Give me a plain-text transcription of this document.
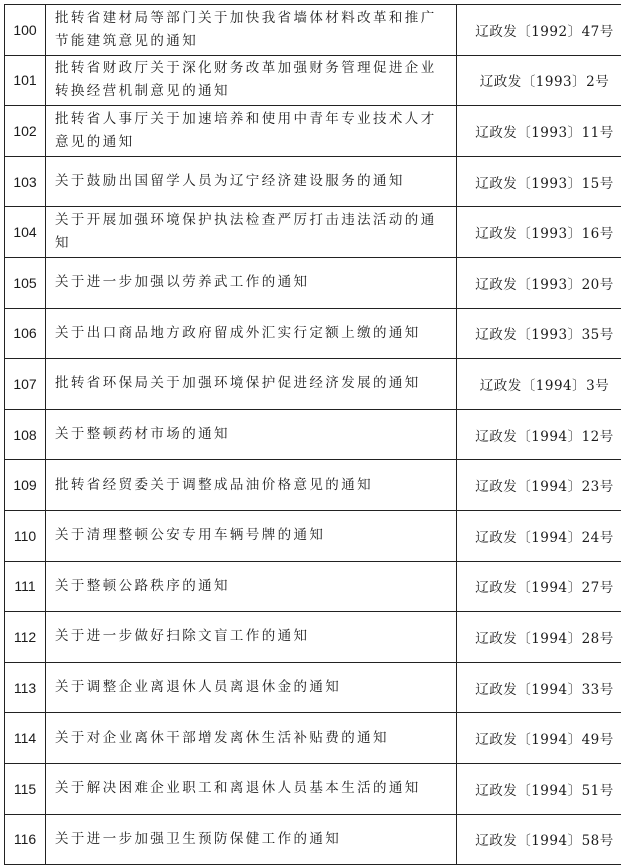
100	批转省建材局等部门关于加快我省墙体材料改革和推广节能建筑意见的通知	辽政发〔1992〕47号
101	批转省财政厅关于深化财务改革加强财务管理促进企业转换经营机制意见的通知	辽政发〔1993〕2号
102	批转省人事厅关于加速培养和使用中青年专业技术人才意见的通知	辽政发〔1993〕11号
103	关于鼓励出国留学人员为辽宁经济建设服务的通知	辽政发〔1993〕15号
104	关于开展加强环境保护执法检查严厉打击违法活动的通知	辽政发〔1993〕16号
105	关于进一步加强以劳养武工作的通知	辽政发〔1993〕20号
106	关于出口商品地方政府留成外汇实行定额上缴的通知	辽政发〔1993〕35号
107	批转省环保局关于加强环境保护促进经济发展的通知	辽政发〔1994〕3号
108	关于整顿药材市场的通知	辽政发〔1994〕12号
109	批转省经贸委关于调整成品油价格意见的通知	辽政发〔1994〕23号
110	关于清理整顿公安专用车辆号牌的通知	辽政发〔1994〕24号
111	关于整顿公路秩序的通知	辽政发〔1994〕27号
112	关于进一步做好扫除文盲工作的通知	辽政发〔1994〕28号
113	关于调整企业离退休人员离退休金的通知	辽政发〔1994〕33号
114	关于对企业离休干部增发离休生活补贴费的通知	辽政发〔1994〕49号
115	关于解决困难企业职工和离退休人员基本生活的通知	辽政发〔1994〕51号
116	关于进一步加强卫生预防保健工作的通知	辽政发〔1994〕58号
